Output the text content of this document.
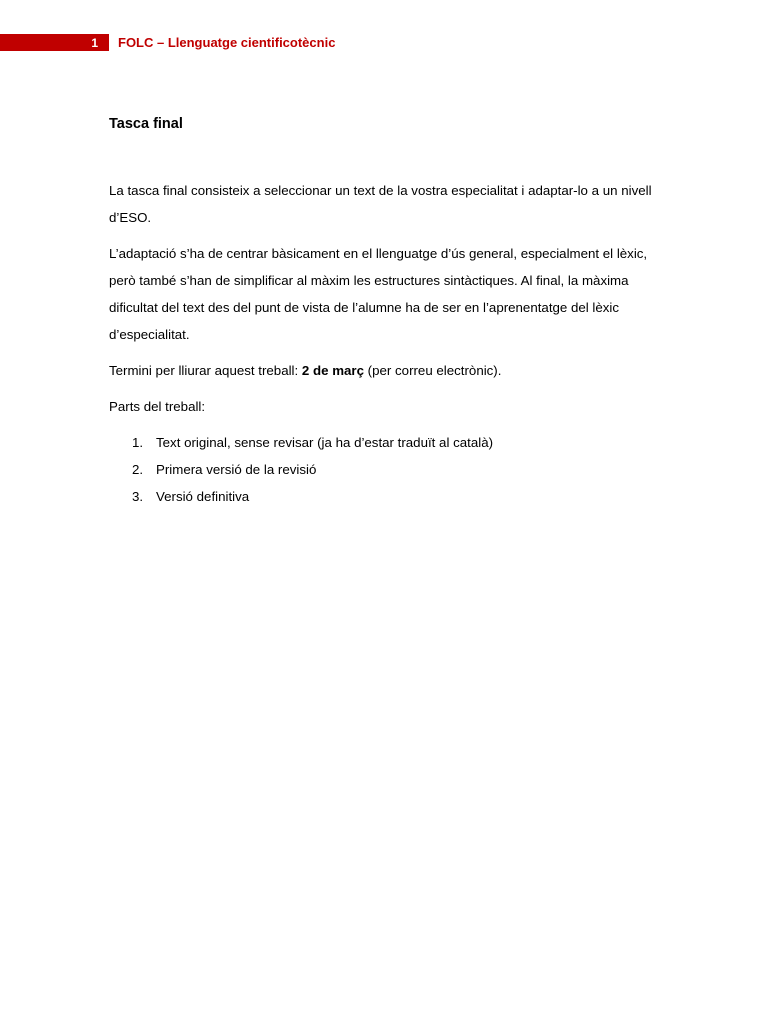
1 FOLC – Llenguatge cientificotècnic
Tasca final

La tasca final consisteix a seleccionar un text de la vostra especialitat i adaptar-lo a un nivell d’ESO.

L’adaptació s’ha de centrar bàsicament en el llenguatge d’ús general, especialment el lèxic, però també s’han de simplificar al màxim les estructures sintàctiques. Al final, la màxima dificultat del text des del punt de vista de l’alumne ha de ser en l’aprenentatge del lèxic d’especialitat.

Termini per lliurar aquest treball: 2 de març (per correu electrònic).

Parts del treball:

1. Text original, sense revisar (ja ha d’estar traduït al català)
2. Primera versió de la revisió
3. Versió definitiva
